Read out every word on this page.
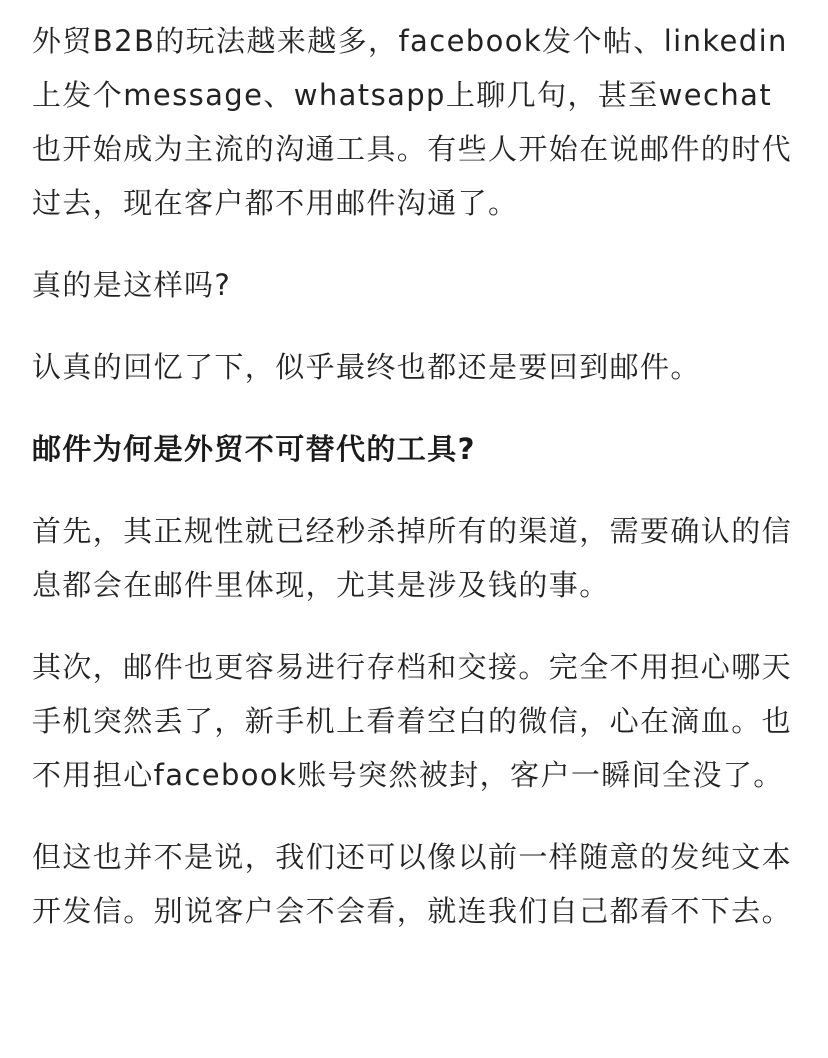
外贸B2B的玩法越来越多，facebook发个帖、linkedin上发个message、whatsapp上聊几句，甚至wechat也开始成为主流的沟通工具。有些人开始在说邮件的时代过去，现在客户都不用邮件沟通了。

真的是这样吗?

认真的回忆了下，似乎最终也都还是要回到邮件。

邮件为何是外贸不可替代的工具?

首先，其正规性就已经秒杀掉所有的渠道，需要确认的信息都会在邮件里体现，尤其是涉及钱的事。

其次，邮件也更容易进行存档和交接。完全不用担心哪天手机突然丢了，新手机上看着空白的微信，心在滴血。也不用担心facebook账号突然被封，客户一瞬间全没了。

但这也并不是说，我们还可以像以前一样随意的发纯文本开发信。别说客户会不会看，就连我们自己都看不下去。
